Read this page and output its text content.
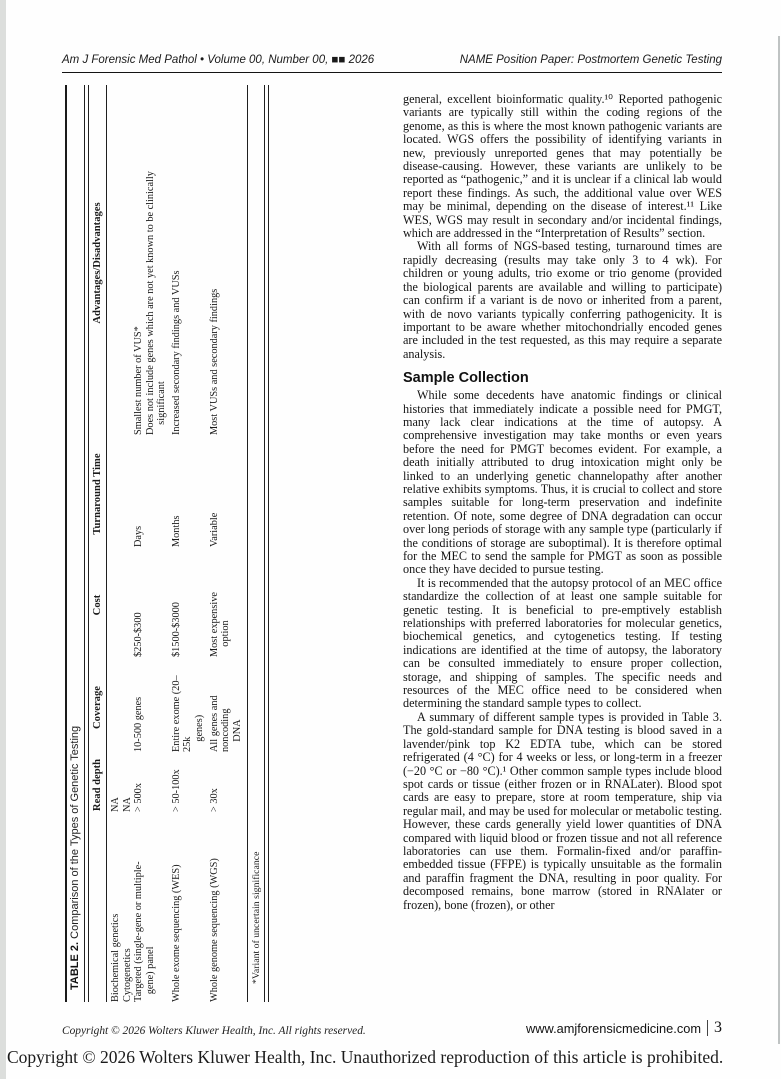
Am J Forensic Med Pathol • Volume 00, Number 00, ■■ 2026	NAME Position Paper: Postmortem Genetic Testing
TABLE 2. Comparison of the Types of Genetic Testing Read depth
Coverage
Cost
Turnaround Time
Advantages/Disadvantages
Biochemical genetics
NA
Cytogenetics
NA
Targeted (single-gene or multiple- gene) panel
> 500x
10-500 genes
$250-$300
Days
Smallest number of VUS* Does not include genes which are not yet known to be clinically significant
Whole exome sequencing (WES)
> 50-100x
Entire exome (20–25k genes)
$1500-$3000
Months
Increased secondary findings and VUSs
Whole genome sequencing (WGS)
> 30x
All genes and noncoding DNA
Most expensive option
Variable
Most VUSs and secondary findings
*Variant of uncertain significance

general, excellent bioinformatic quality.¹⁰ Reported pathogenic variants are typically still within the coding regions of the genome, as this is where the most known pathogenic variants are located. WGS offers the possibility of identifying variants in new, previously unreported genes that may potentially be disease-causing. However, these variants are unlikely to be reported as “pathogenic,” and it is unclear if a clinical lab would report these findings. As such, the additional value over WES may be minimal, depending on the disease of interest.¹¹ Like WES, WGS may result in secondary and/or incidental findings, which are addressed in the “Interpretation of Results” section.

With all forms of NGS-based testing, turnaround times are rapidly decreasing (results may take only 3 to 4 wk). For children or young adults, trio exome or trio genome (provided the biological parents are available and willing to participate) can confirm if a variant is de novo or inherited from a parent, with de novo variants typically conferring pathogenicity. It is important to be aware whether mitochondrially encoded genes are included in the test requested, as this may require a separate analysis.

Sample Collection

While some decedents have anatomic findings or clinical histories that immediately indicate a possible need for PMGT, many lack clear indications at the time of autopsy. A comprehensive investigation may take months or even years before the need for PMGT becomes evident. For example, a death initially attributed to drug intoxication might only be linked to an underlying genetic channelopathy after another relative exhibits symptoms. Thus, it is crucial to collect and store samples suitable for long-term preservation and indefinite retention. Of note, some degree of DNA degradation can occur over long periods of storage with any sample type (particularly if the conditions of storage are suboptimal). It is therefore optimal for the MEC to send the sample for PMGT as soon as possible once they have decided to pursue testing.

It is recommended that the autopsy protocol of an MEC office standardize the collection of at least one sample suitable for genetic testing. It is beneficial to pre-emptively establish relationships with preferred laboratories for molecular genetics, biochemical genetics, and cytogenetics testing. If testing indications are identified at the time of autopsy, the laboratory can be consulted immediately to ensure proper collection, storage, and shipping of samples. The specific needs and resources of the MEC office need to be considered when determining the standard sample types to collect.

A summary of different sample types is provided in Table 3. The gold-standard sample for DNA testing is blood saved in a lavender/pink top K2 EDTA tube, which can be stored refrigerated (4 °C) for 4 weeks or less, or long-term in a freezer (−20 °C or −80 °C).¹ Other common sample types include blood spot cards or tissue (either frozen or in RNALater). Blood spot cards are easy to prepare, store at room temperature, ship via regular mail, and may be used for molecular or metabolic testing. However, these cards generally yield lower quantities of DNA compared with liquid blood or frozen tissue and not all reference laboratories can use them. Formalin-fixed and/or paraffin-embedded tissue (FFPE) is typically unsuitable as the formalin and paraffin fragment the DNA, resulting in poor quality. For decomposed remains, bone marrow (stored in RNAlater or frozen), bone (frozen), or other

Copyright © 2026 Wolters Kluwer Health, Inc. All rights reserved.	www.amjforensicmedicine.com 3
Copyright © 2026 Wolters Kluwer Health, Inc. Unauthorized reproduction of this article is prohibited.
